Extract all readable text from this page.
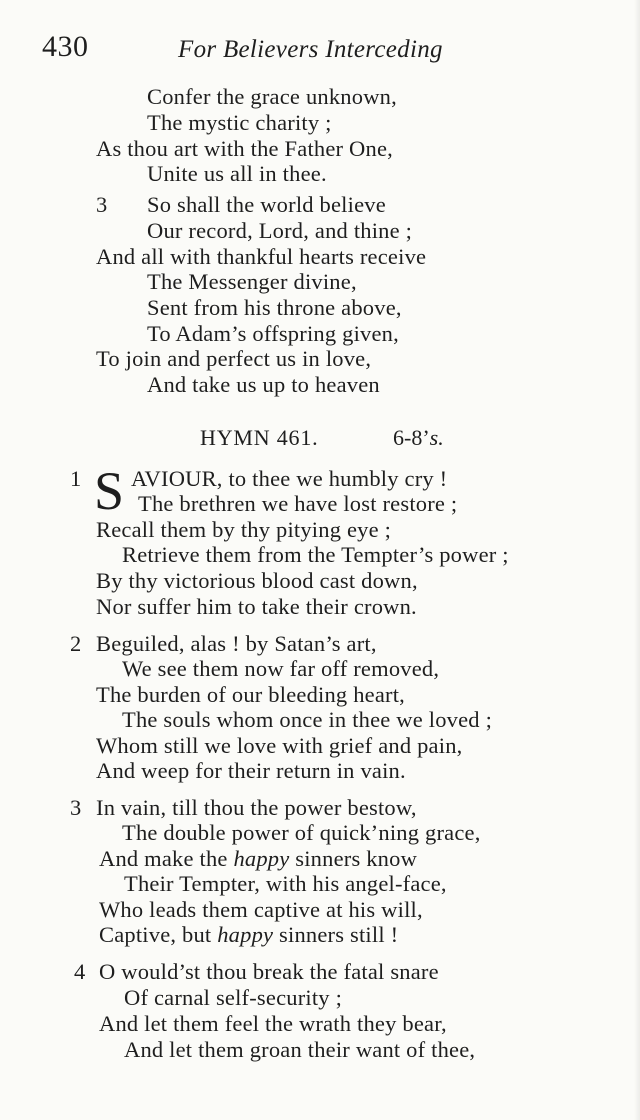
430	For Believers Interceding
Confer the grace unknown,
The mystic charity ;
As thou art with the Father One,
Unite us all in thee.
3 So shall the world believe
Our record, Lord, and thine ;
And all with thankful hearts receive
The Messenger divine,
Sent from his throne above,
To Adam’s offspring given,
To join and perfect us in love,
And take us up to heaven
HYMN 461.	6-8’s.
1 S AVIOUR, to thee we humbly cry !
The brethren we have lost restore ;
Recall them by thy pitying eye ;
Retrieve them from the Tempter’s power ;
By thy victorious blood cast down,
Nor suffer him to take their crown.
2 Beguiled, alas ! by Satan’s art,
We see them now far off removed,
The burden of our bleeding heart,
The souls whom once in thee we loved ;
Whom still we love with grief and pain,
And weep for their return in vain.
3 In vain, till thou the power bestow,
The double power of quick’ning grace,
And make the happy sinners know
Their Tempter, with his angel-face,
Who leads them captive at his will,
Captive, but happy sinners still !
4 O would’st thou break the fatal snare
Of carnal self-security ;
And let them feel the wrath they bear,
And let them groan their want of thee,
